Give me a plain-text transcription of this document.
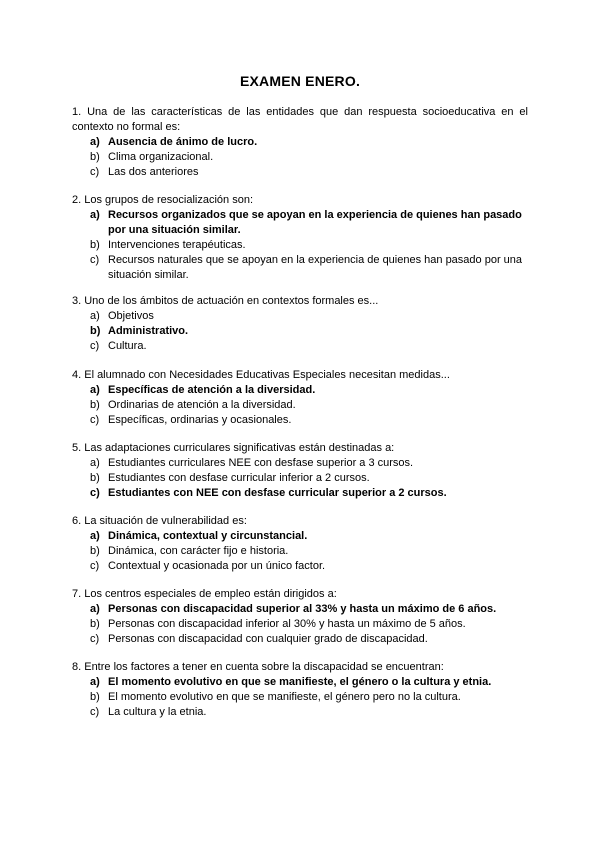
EXAMEN ENERO.
1. Una de las características de las entidades que dan respuesta socioeducativa en el contexto no formal es:
a) Ausencia de ánimo de lucro.
b) Clima organizacional.
c) Las dos anteriores
2. Los grupos de resocialización son:
a) Recursos organizados que se apoyan en la experiencia de quienes han pasado por una situación similar.
b) Intervenciones terapéuticas.
c) Recursos naturales que se apoyan en la experiencia de quienes han pasado por una situación similar.
3. Uno de los ámbitos de actuación en contextos formales es...
a) Objetivos
b) Administrativo.
c) Cultura.
4. El alumnado con Necesidades Educativas Especiales necesitan medidas...
a) Específicas de atención a la diversidad.
b) Ordinarias de atención a la diversidad.
c) Específicas, ordinarias y ocasionales.
5. Las adaptaciones curriculares significativas están destinadas a:
a) Estudiantes curriculares NEE con desfase superior a 3 cursos.
b) Estudiantes con desfase curricular inferior a 2 cursos.
c) Estudiantes con NEE con desfase curricular superior a 2 cursos.
6. La situación de vulnerabilidad es:
a) Dinámica, contextual y circunstancial.
b) Dinámica, con carácter fijo e historia.
c) Contextual y ocasionada por un único factor.
7. Los centros especiales de empleo están dirigidos a:
a) Personas con discapacidad superior al 33% y hasta un máximo de 6 años.
b) Personas con discapacidad inferior al 30% y hasta un máximo de 5 años.
c) Personas con discapacidad con cualquier grado de discapacidad.
8. Entre los factores a tener en cuenta sobre la discapacidad se encuentran:
a) El momento evolutivo en que se manifieste, el género o la cultura y etnia.
b) El momento evolutivo en que se manifieste, el género pero no la cultura.
c) La cultura y la etnia.
